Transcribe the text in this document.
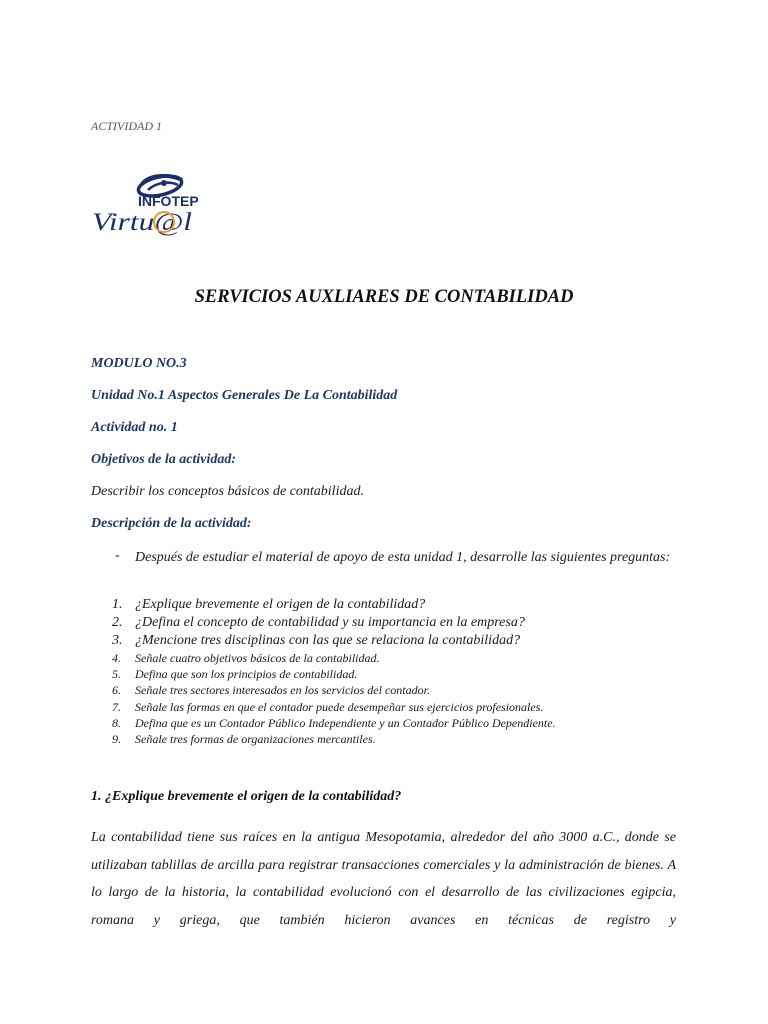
ACTIVIDAD 1
INFOTEP
Virtu@l
SERVICIOS AUXLIARES DE CONTABILIDAD
MODULO NO.3
Unidad No.1 Aspectos Generales De La Contabilidad
Actividad no. 1
Objetivos de la actividad:
Describir los conceptos básicos de contabilidad.
Descripción de la actividad:
- Después de estudiar el material de apoyo de esta unidad 1, desarrolle las siguientes preguntas:
1. ¿Explique brevemente el origen de la contabilidad?
2. ¿Defina el concepto de contabilidad y su importancia en la empresa?
3. ¿Mencione tres disciplinas con las que se relaciona la contabilidad?
4. Señale cuatro objetivos básicos de la contabilidad.
5. Defina que son los principios de contabilidad.
6. Señale tres sectores interesados en los servicios del contador.
7. Señale las formas en que el contador puede desempeñar sus ejercicios profesionales.
8. Defina que es un Contador Público Independiente y un Contador Público Dependiente.
9. Señale tres formas de organizaciones mercantiles.
1. ¿Explique brevemente el origen de la contabilidad?
La contabilidad tiene sus raíces en la antigua Mesopotamia, alrededor del año 3000 a.C., donde se utilizaban tablillas de arcilla para registrar transacciones comerciales y la administración de bienes. A lo largo de la historia, la contabilidad evolucionó con el desarrollo de las civilizaciones egipcia, romana y griega, que también hicieron avances en técnicas de registro y
